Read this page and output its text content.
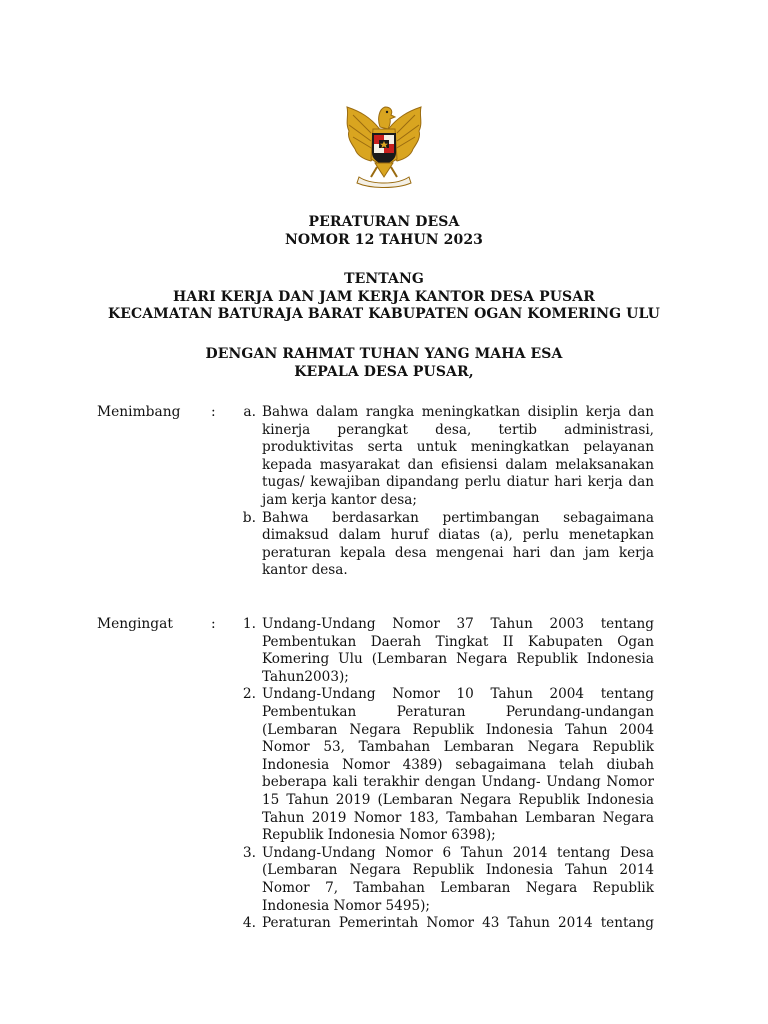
PERATURAN DESA
NOMOR 12 TAHUN 2023
TENTANG
HARI KERJA DAN JAM KERJA KANTOR DESA PUSAR
KECAMATAN BATURAJA BARAT KABUPATEN OGAN KOMERING ULU
DENGAN RAHMAT TUHAN YANG MAHA ESA
KEPALA DESA PUSAR,
Menimbang :	a. Bahwa dalam rangka meningkatkan disiplin kerja dan kinerja perangkat desa, tertib administrasi, produktivitas serta untuk meningkatkan pelayanan kepada masyarakat dan efisiensi dalam melaksanakan tugas/ kewajiban dipandang perlu diatur hari kerja dan jam kerja kantor desa;
b. Bahwa berdasarkan pertimbangan sebagaimana dimaksud dalam huruf diatas (a), perlu menetapkan peraturan kepala desa mengenai hari dan jam kerja kantor desa.
Mengingat	:	1. Undang-Undang Nomor 37 Tahun 2003 tentang Pembentukan Daerah Tingkat II Kabupaten Ogan Komering Ulu (Lembaran Negara Republik Indonesia Tahun2003);
2. Undang-Undang Nomor 10 Tahun 2004 tentang Pembentukan Peraturan Perundang-undangan (Lembaran Negara Republik Indonesia Tahun 2004 Nomor 53, Tambahan Lembaran Negara Republik Indonesia Nomor 4389) sebagaimana telah diubah beberapa kali terakhir dengan Undang- Undang Nomor 15 Tahun 2019 (Lembaran Negara Republik Indonesia Tahun 2019 Nomor 183, Tambahan Lembaran Negara Republik Indonesia Nomor 6398);
3. Undang-Undang Nomor 6 Tahun 2014 tentang Desa (Lembaran Negara Republik Indonesia Tahun 2014 Nomor 7, Tambahan Lembaran Negara Republik Indonesia Nomor 5495);
4. Peraturan Pemerintah Nomor 43 Tahun 2014 tentang
